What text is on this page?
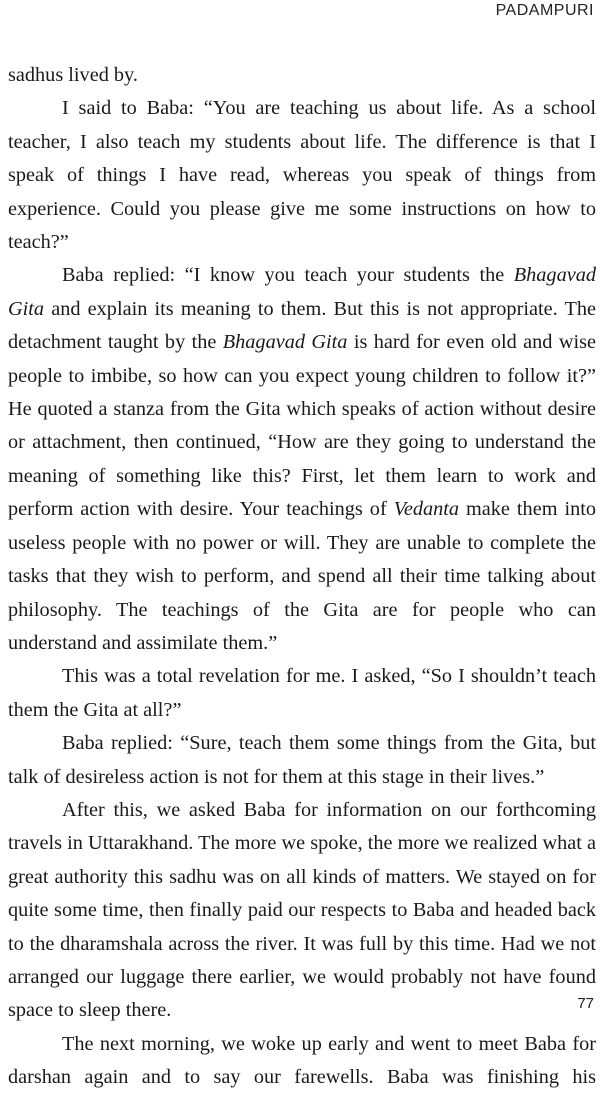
PADAMPURI

sadhus lived by.

I said to Baba: “You are teaching us about life. As a school teacher, I also teach my students about life. The difference is that I speak of things I have read, whereas you speak of things from experience. Could you please give me some instructions on how to teach?”

Baba replied: “I know you teach your students the Bhagavad Gita and explain its meaning to them. But this is not appropriate. The detachment taught by the Bhagavad Gita is hard for even old and wise people to imbibe, so how can you expect young children to follow it?” He quoted a stanza from the Gita which speaks of action without desire or attachment, then continued, “How are they going to understand the meaning of something like this? First, let them learn to work and perform action with desire. Your teachings of Vedanta make them into useless people with no power or will. They are unable to complete the tasks that they wish to perform, and spend all their time talking about philosophy. The teachings of the Gita are for people who can understand and assimilate them.”

This was a total revelation for me. I asked, “So I shouldn’t teach them the Gita at all?”

Baba replied: “Sure, teach them some things from the Gita, but talk of desireless action is not for them at this stage in their lives.”

After this, we asked Baba for information on our forthcoming travels in Uttarakhand. The more we spoke, the more we realized what a great authority this sadhu was on all kinds of matters. We stayed on for quite some time, then finally paid our respects to Baba and headed back to the dharamshala across the river. It was full by this time. Had we not arranged our luggage there earlier, we would probably not have found space to sleep there.

The next morning, we woke up early and went to meet Baba for darshan again and to say our farewells. Baba was finishing his

77
